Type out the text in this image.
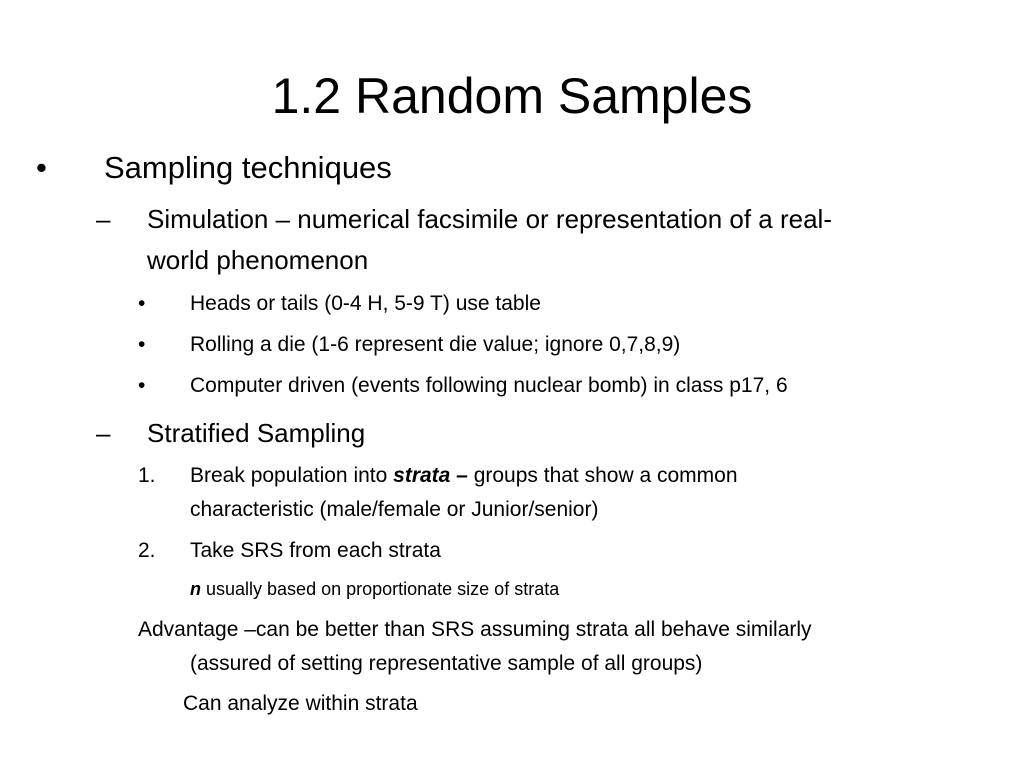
1.2 Random Samples
• Sampling techniques
– Simulation – numerical facsimile or representation of a real-
world phenomenon
• Heads or tails (0-4 H, 5-9 T) use table
• Rolling a die (1-6 represent die value; ignore 0,7,8,9)
• Computer driven (events following nuclear bomb) in class p17, 6
– Stratified Sampling
1. Break population into strata – groups that show a common
characteristic (male/female or Junior/senior)
2. Take SRS from each strata
n usually based on proportionate size of strata
Advantage –can be better than SRS assuming strata all behave similarly
(assured of setting representative sample of all groups)
Can analyze within strata
